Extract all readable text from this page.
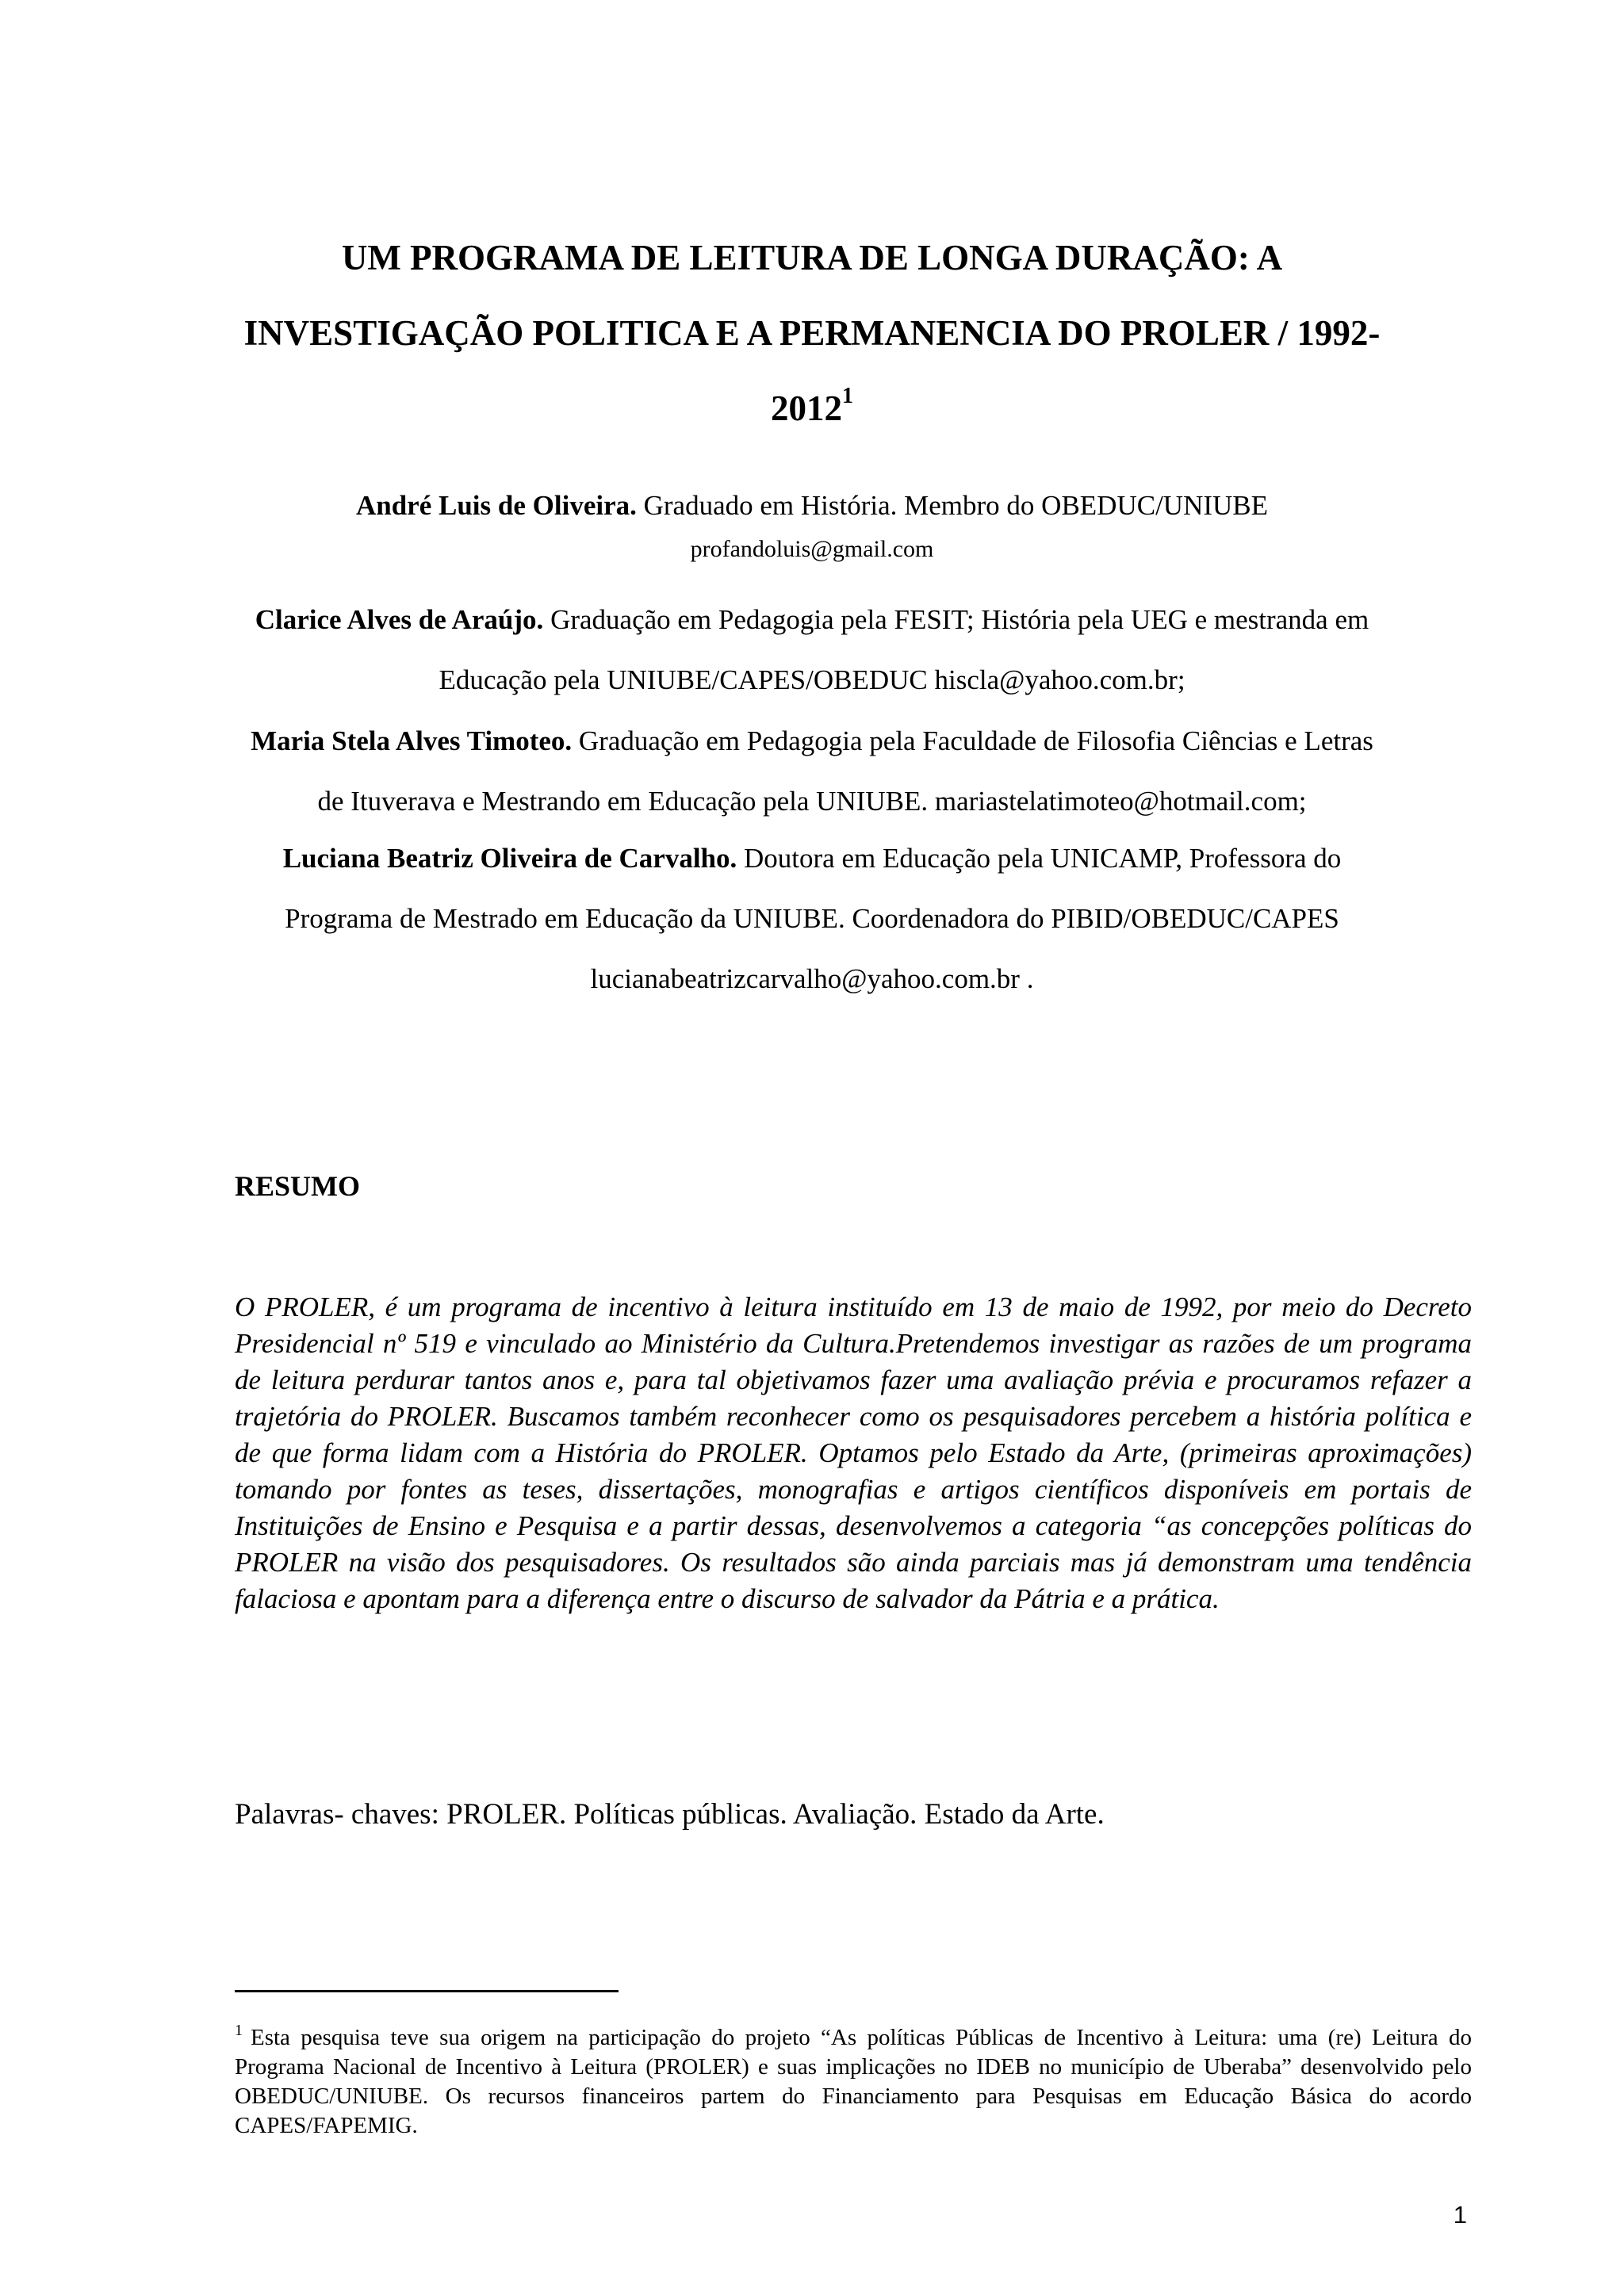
UM PROGRAMA DE LEITURA DE LONGA DURAÇÃO: A
INVESTIGAÇÃO POLITICA E A PERMANENCIA DO PROLER / 1992-
2012$^1$
André Luis de Oliveira. Graduado em História. Membro do OBEDUC/UNIUBE
profandoluis@gmail.com
Clarice Alves de Araújo. Graduação em Pedagogia pela FESIT; História pela UEG e mestranda em
Educação pela UNIUBE/CAPES/OBEDUC hiscla@yahoo.com.br;
Maria Stela Alves Timoteo. Graduação em Pedagogia pela Faculdade de Filosofia Ciências e Letras
de Ituverava e Mestrando em Educação pela UNIUBE. mariastelatimoteo@hotmail.com;
Luciana Beatriz Oliveira de Carvalho. Doutora em Educação pela UNICAMP, Professora do
Programa de Mestrado em Educação da UNIUBE. Coordenadora do PIBID/OBEDUC/CAPES
lucianabeatrizcarvalho@yahoo.com.br .
RESUMO
O PROLER, é um programa de incentivo à leitura instituído em 13 de maio de 1992, por meio do Decreto Presidencial nº 519 e vinculado ao Ministério da Cultura.Pretendemos investigar as razões de um programa de leitura perdurar tantos anos e, para tal objetivamos fazer uma avaliação prévia e procuramos refazer a trajetória do PROLER. Buscamos também reconhecer como os pesquisadores percebem a história política e de que forma lidam com a História do PROLER. Optamos pelo Estado da Arte, (primeiras aproximações) tomando por fontes as teses, dissertações, monografias e artigos científicos disponíveis em portais de Instituições de Ensino e Pesquisa e a partir dessas, desenvolvemos a categoria “as concepções políticas do PROLER na visão dos pesquisadores. Os resultados são ainda parciais mas já demonstram uma tendência falaciosa e apontam para a diferença entre o discurso de salvador da Pátria e a prática.
Palavras- chaves: PROLER. Políticas públicas. Avaliação. Estado da Arte.
$^1$ Esta pesquisa teve sua origem na participação do projeto “As políticas Públicas de Incentivo à Leitura: uma (re) Leitura do Programa Nacional de Incentivo à Leitura (PROLER) e suas implicações no IDEB no município de Uberaba” desenvolvido pelo OBEDUC/UNIUBE. Os recursos financeiros partem do Financiamento para Pesquisas em Educação Básica do acordo CAPES/FAPEMIG.
1
